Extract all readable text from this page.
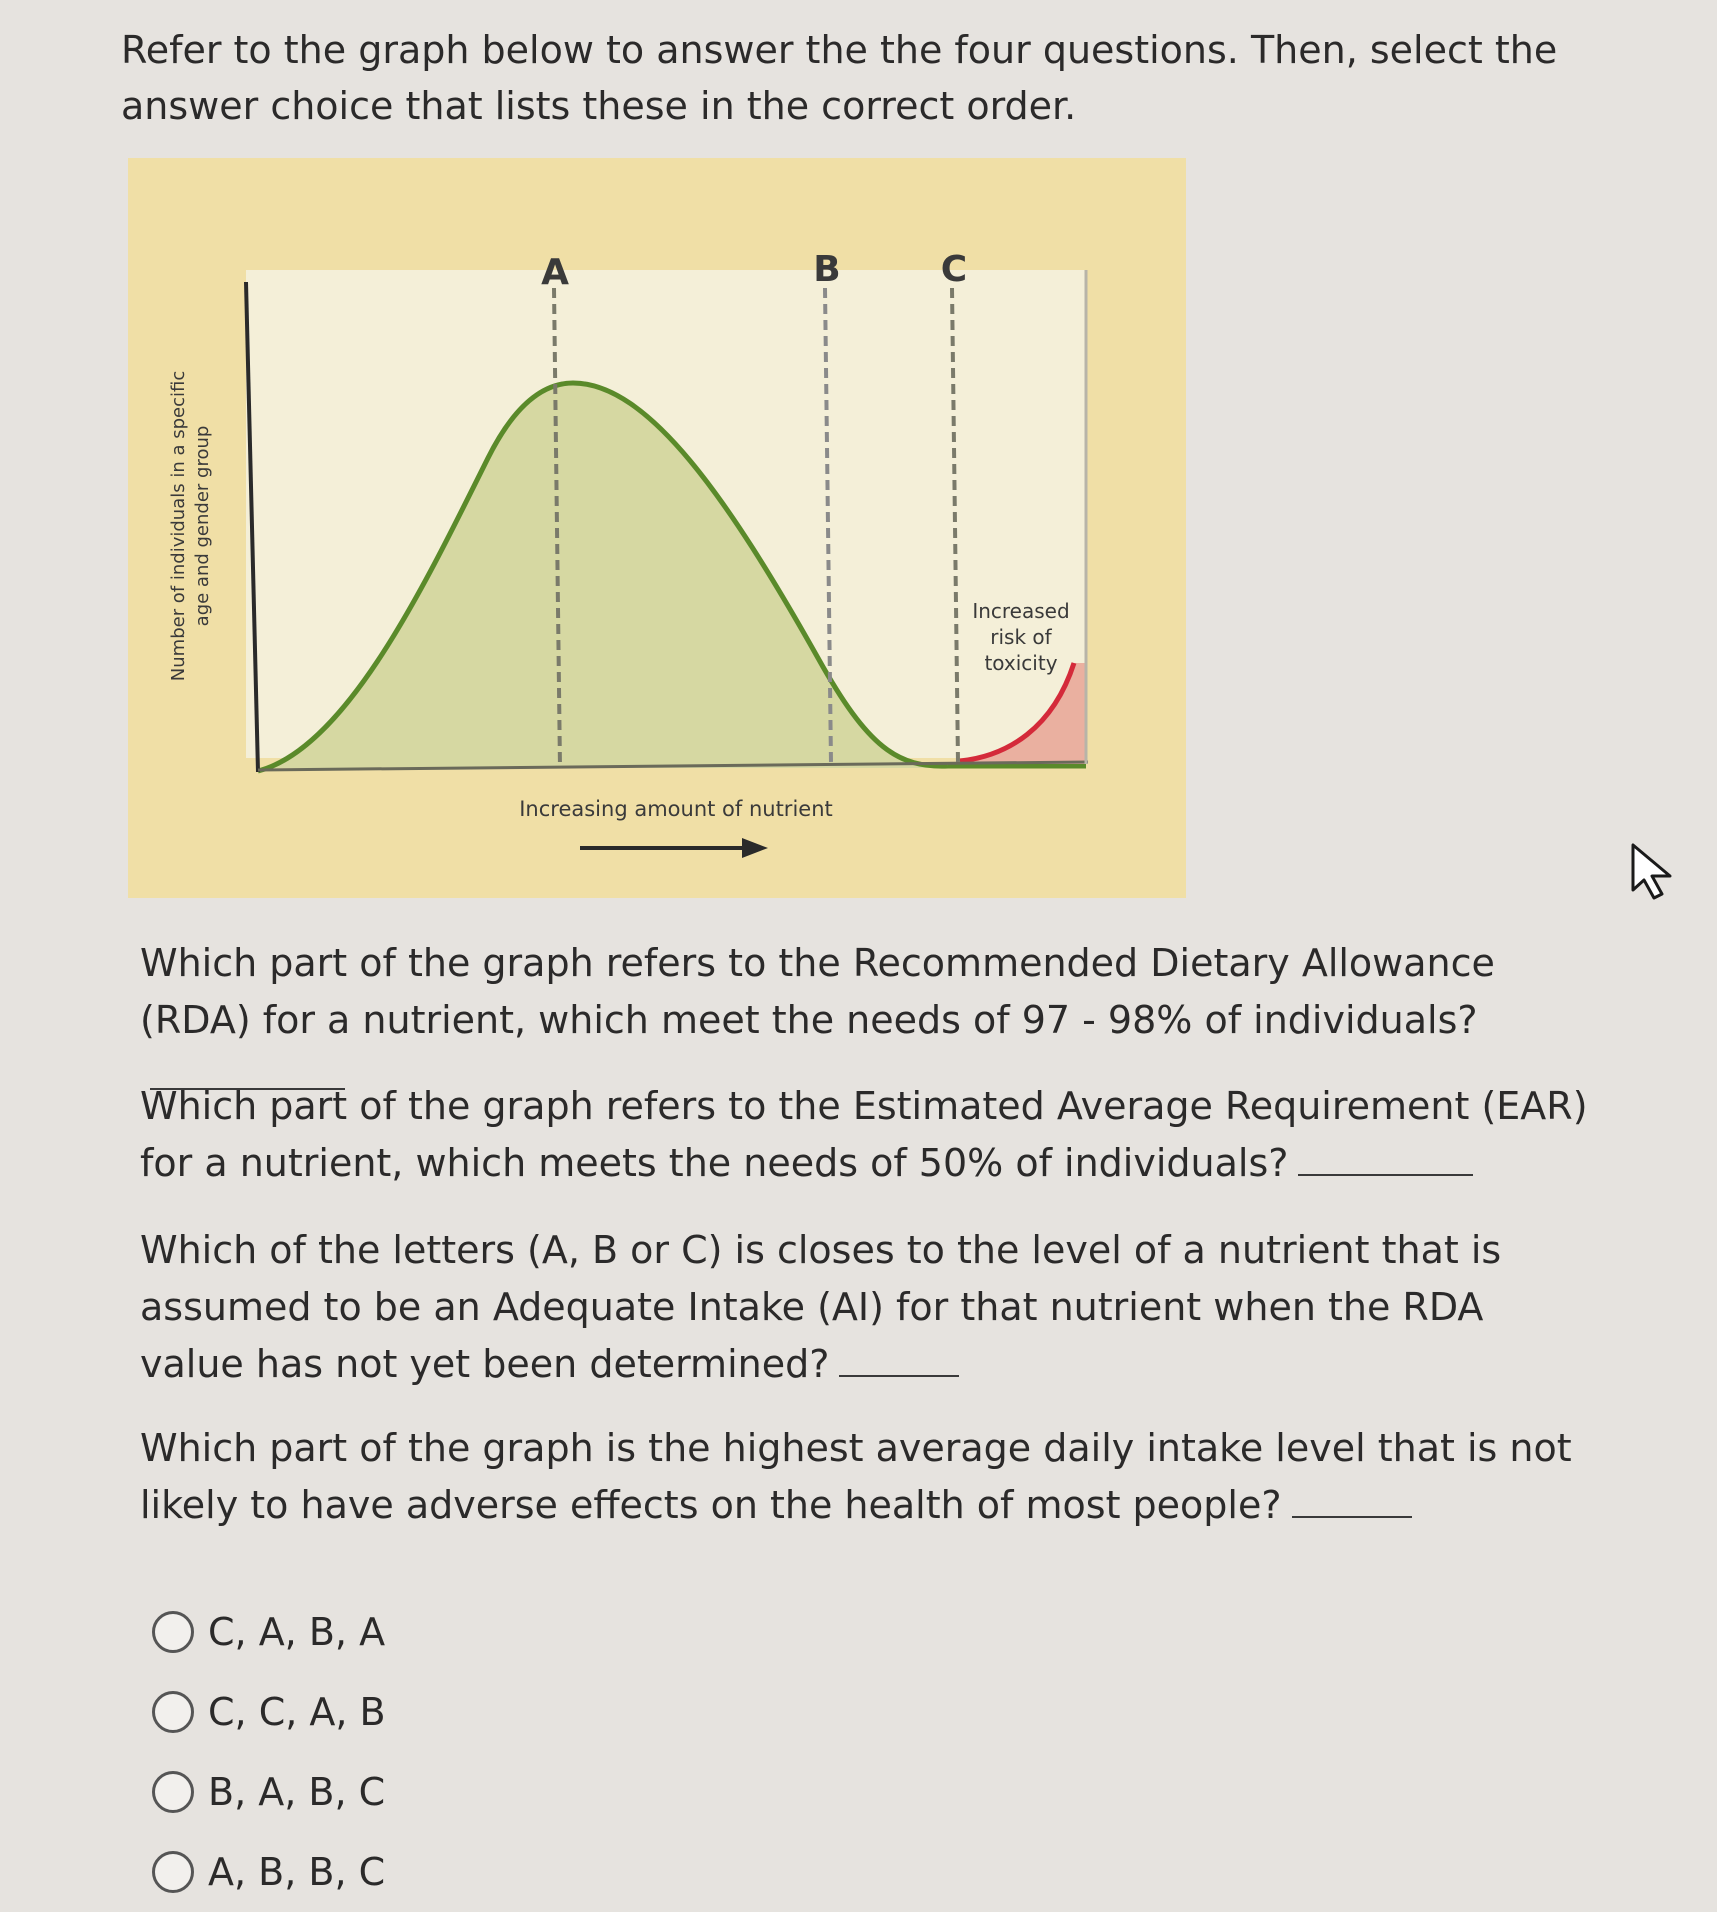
Refer to the graph below to answer the the four questions. Then, select the answer choice that lists these in the correct order.

A	B	C
Number of individuals in a specific age and gender group	Increased
risk of
toxicity
Increasing amount of nutrient

Which part of the graph refers to the Recommended Dietary Allowance (RDA) for a nutrient, which meet the needs of 97 - 98% of individuals?

Which part of the graph refers to the Estimated Average Requirement (EAR) for a nutrient, which meets the needs of 50% of individuals?

Which of the letters (A, B or C) is closes to the level of a nutrient that is assumed to be an Adequate Intake (AI) for that nutrient when the RDA value has not yet been determined?

Which part of the graph is the highest average daily intake level that is not likely to have adverse effects on the health of most people?

C, A, B, A
C, C, A, B
B, A, B, C
A, B, B, C
